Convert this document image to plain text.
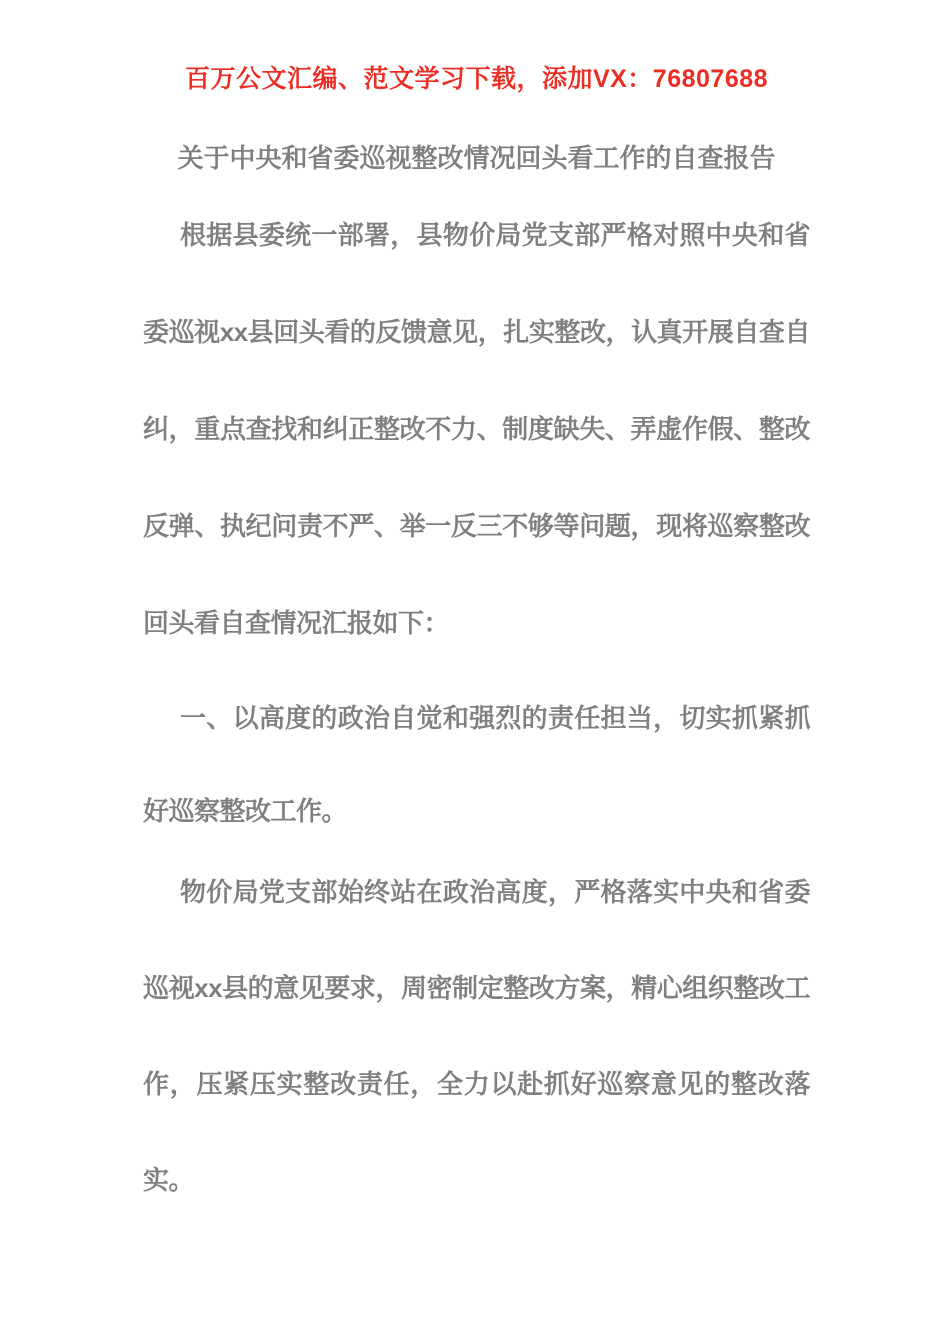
百万公文汇编、范文学习下载，添加VX：76807688
关于中央和省委巡视整改情况回头看工作的自查报告

根据县委统一部署，县物价局党支部严格对照中央和省委巡视xx县回头看的反馈意见，扎实整改，认真开展自查自纠，重点查找和纠正整改不力、制度缺失、弄虚作假、整改反弹、执纪问责不严、举一反三不够等问题，现将巡察整改回头看自查情况汇报如下：

一、以高度的政治自觉和强烈的责任担当，切实抓紧抓好巡察整改工作。

物价局党支部始终站在政治高度，严格落实中央和省委巡视xx县的意见要求，周密制定整改方案，精心组织整改工作，压紧压实整改责任，全力以赴抓好巡察意见的整改落实。
